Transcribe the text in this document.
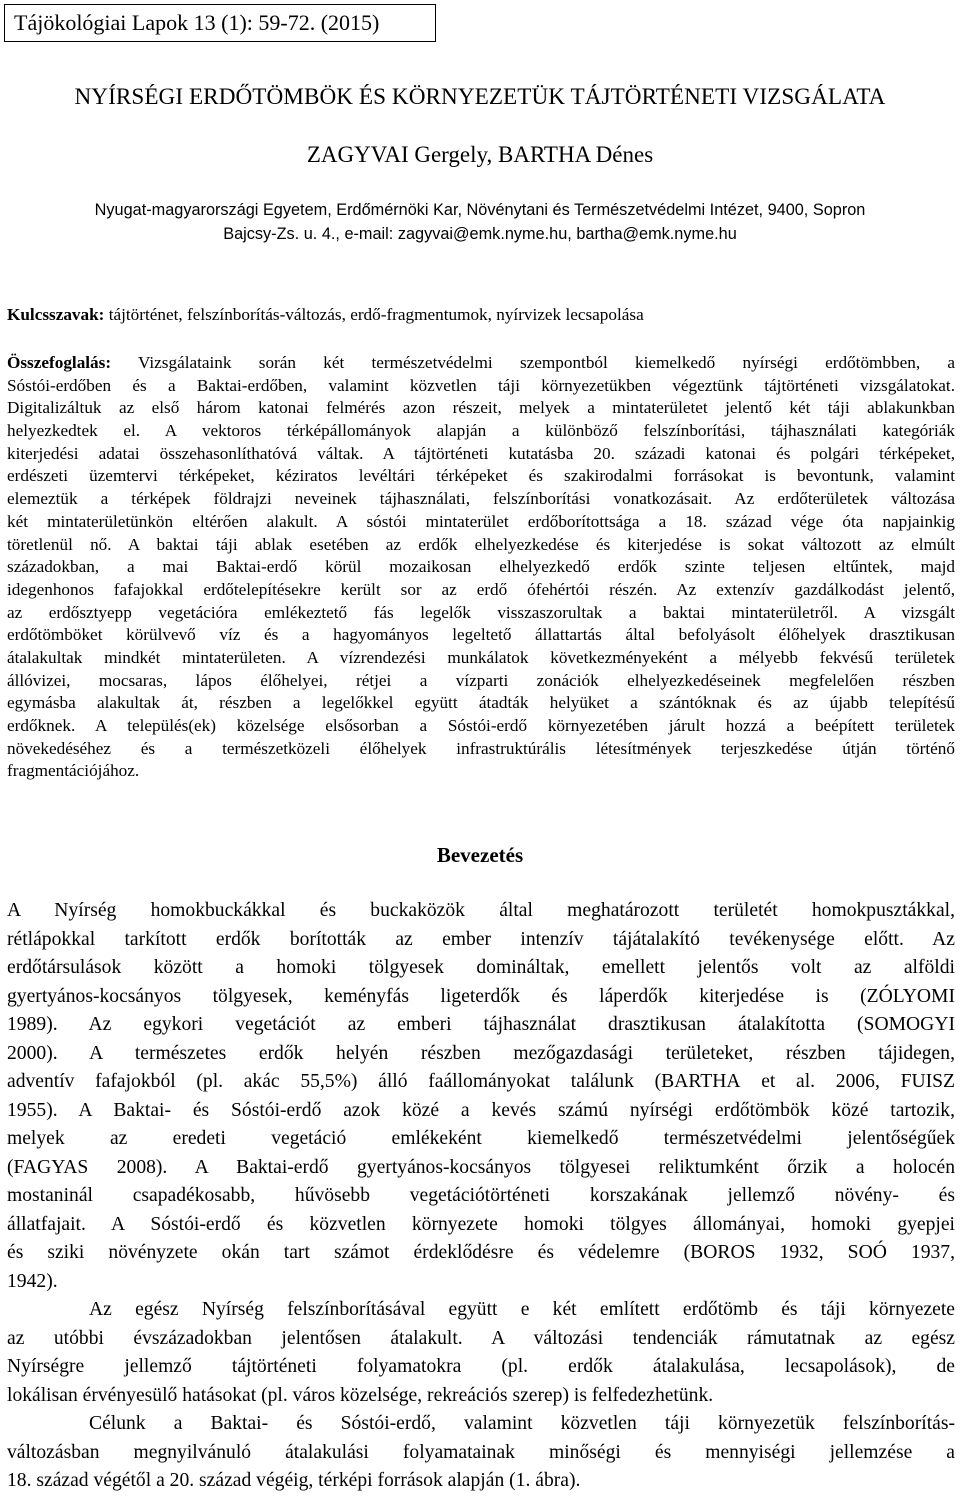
Tájökológiai Lapok 13 (1): 59-72. (2015)
NYÍRSÉGI ERDŐTÖMBÖK ÉS KÖRNYEZETÜK TÁJTÖRTÉNETI VIZSGÁLATA
ZAGYVAI Gergely, BARTHA Dénes
Nyugat-magyarországi Egyetem, Erdőmérnöki Kar, Növénytani és Természetvédelmi Intézet, 9400, Sopron
Bajcsy-Zs. u. 4., e-mail: zagyvai@emk.nyme.hu, bartha@emk.nyme.hu
Kulcsszavak: tájtörténet, felszínborítás-változás, erdő-fragmentumok, nyírvizek lecsapolása
Összefoglalás: Vizsgálataink során két természetvédelmi szempontból kiemelkedő nyírségi erdőtömbben, a
Sóstói-erdőben és a Baktai-erdőben, valamint közvetlen táji környezetükben végeztünk tájtörténeti vizsgálatokat.
Digitalizáltuk az első három katonai felmérés azon részeit, melyek a mintaterületet jelentő két táji ablakunkban
helyezkedtek el. A vektoros térképállományok alapján a különböző felszínborítási, tájhasználati kategóriák
kiterjedési adatai összehasonlíthatóvá váltak. A tájtörténeti kutatásba 20. századi katonai és polgári térképeket,
erdészeti üzemtervi térképeket, kéziratos levéltári térképeket és szakirodalmi forrásokat is bevontunk, valamint
elemeztük a térképek földrajzi neveinek tájhasználati, felszínborítási vonatkozásait. Az erdőterületek változása
két mintaterületünkön eltérően alakult. A sóstói mintaterület erdőborítottsága a 18. század vége óta napjainkig
töretlenül nő. A baktai táji ablak esetében az erdők elhelyezkedése és kiterjedése is sokat változott az elmúlt
századokban, a mai Baktai-erdő körül mozaikosan elhelyezkedő erdők szinte teljesen eltűntek, majd
idegenhonos fafajokkal erdőtelepítésekre került sor az erdő ófehértói részén. Az extenzív gazdálkodást jelentő,
az erdősztyepp vegetációra emlékeztető fás legelők visszaszorultak a baktai mintaterületről. A vizsgált
erdőtömböket körülvevő víz és a hagyományos legeltető állattartás által befolyásolt élőhelyek drasztikusan
átalakultak mindkét mintaterületen. A vízrendezési munkálatok következményeként a mélyebb fekvésű területek
állóvizei, mocsaras, lápos élőhelyei, rétjei a vízparti zonációk elhelyezkedéseinek megfelelően részben
egymásba alakultak át, részben a legelőkkel együtt átadták helyüket a szántóknak és az újabb telepítésű
erdőknek. A település(ek) közelsége elsősorban a Sóstói-erdő környezetében járult hozzá a beépített területek
növekedéséhez és a természetközeli élőhelyek infrastruktúrális létesítmények terjeszkedése útján történő
fragmentációjához.
Bevezetés
A Nyírség homokbuckákkal és buckaközök által meghatározott területét homokpusztákkal,
rétlápokkal tarkított erdők borították az ember intenzív tájátalakító tevékenysége előtt. Az
erdőtársulások között a homoki tölgyesek domináltak, emellett jelentős volt az alföldi
gyertyános-kocsányos tölgyesek, keményfás ligeterdők és láperdők kiterjedése is (ZÓLYOMI
1989). Az egykori vegetációt az emberi tájhasználat drasztikusan átalakította (SOMOGYI
2000). A természetes erdők helyén részben mezőgazdasági területeket, részben tájidegen,
adventív fafajokból (pl. akác 55,5%) álló faállományokat találunk (BARTHA et al. 2006, FUISZ
1955). A Baktai- és Sóstói-erdő azok közé a kevés számú nyírségi erdőtömbök közé tartozik,
melyek az eredeti vegetáció emlékeként kiemelkedő természetvédelmi jelentőségűek
(FAGYAS 2008). A Baktai-erdő gyertyános-kocsányos tölgyesei reliktumként őrzik a holocén
mostaninál csapadékosabb, hűvösebb vegetációtörténeti korszakának jellemző növény- és
állatfajait. A Sóstói-erdő és közvetlen környezete homoki tölgyes állományai, homoki gyepjei
és sziki növényzete okán tart számot érdeklődésre és védelemre (BOROS 1932, SOÓ 1937,
1942).
Az egész Nyírség felszínborításával együtt e két említett erdőtömb és táji környezete
az utóbbi évszázadokban jelentősen átalakult. A változási tendenciák rámutatnak az egész
Nyírségre jellemző tájtörténeti folyamatokra (pl. erdők átalakulása, lecsapolások), de
lokálisan érvényesülő hatásokat (pl. város közelsége, rekreációs szerep) is felfedezhetünk.
Célunk a Baktai- és Sóstói-erdő, valamint közvetlen táji környezetük felszínborítás-
változásban megnyilvánuló átalakulási folyamatainak minőségi és mennyiségi jellemzése a
18. század végétől a 20. század végéig, térképi források alapján (1. ábra).
